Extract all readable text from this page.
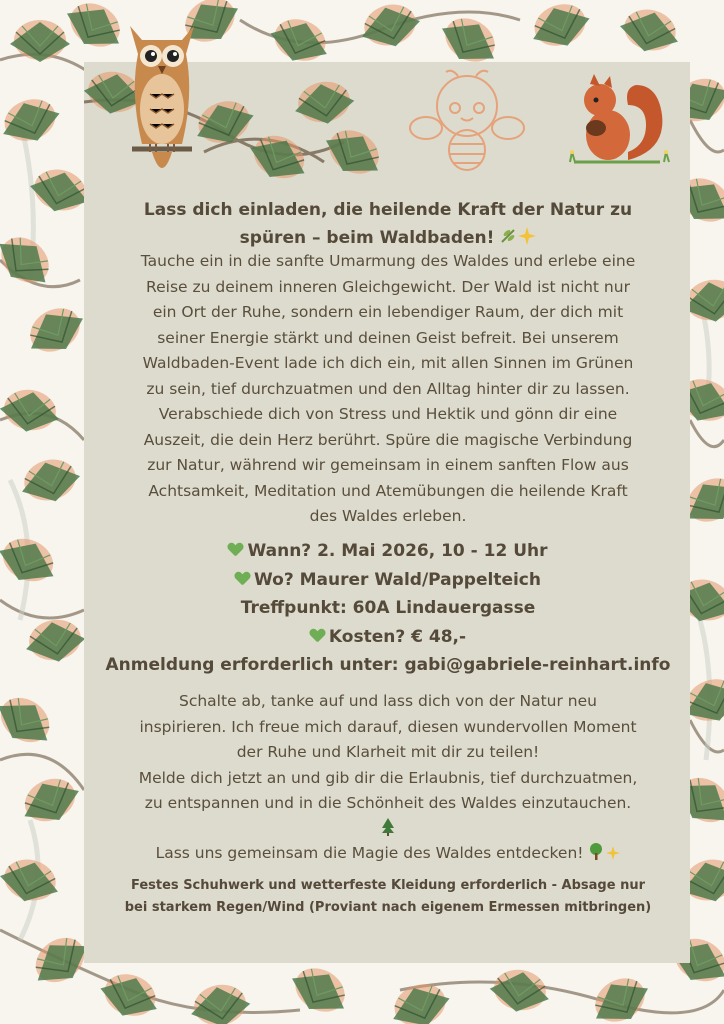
Lass dich einladen, die heilende Kraft der Natur zu
spüren – beim Waldbaden!
Tauche ein in die sanfte Umarmung des Waldes und erlebe eine
Reise zu deinem inneren Gleichgewicht. Der Wald ist nicht nur
ein Ort der Ruhe, sondern ein lebendiger Raum, der dich mit
seiner Energie stärkt und deinen Geist befreit. Bei unserem
Waldbaden-Event lade ich dich ein, mit allen Sinnen im Grünen
zu sein, tief durchzuatmen und den Alltag hinter dir zu lassen.
Verabschiede dich von Stress und Hektik und gönn dir eine
Auszeit, die dein Herz berührt. Spüre die magische Verbindung
zur Natur, während wir gemeinsam in einem sanften Flow aus
Achtsamkeit, Meditation und Atemübungen die heilende Kraft
des Waldes erleben.
Wann? 2. Mai 2026, 10 - 12 Uhr
Wo? Maurer Wald/Pappelteich
Treffpunkt: 60A Lindauergasse
Kosten? € 48,-
Anmeldung erforderlich unter: gabi@gabriele-reinhart.info
Schalte ab, tanke auf und lass dich von der Natur neu
inspirieren. Ich freue mich darauf, diesen wundervollen Moment
der Ruhe und Klarheit mit dir zu teilen!
Melde dich jetzt an und gib dir die Erlaubnis, tief durchzuatmen,
zu entspannen und in die Schönheit des Waldes einzutauchen.
Lass uns gemeinsam die Magie des Waldes entdecken!
Festes Schuhwerk und wetterfeste Kleidung erforderlich - Absage nur
bei starkem Regen/Wind (Proviant nach eigenem Ermessen mitbringen)
